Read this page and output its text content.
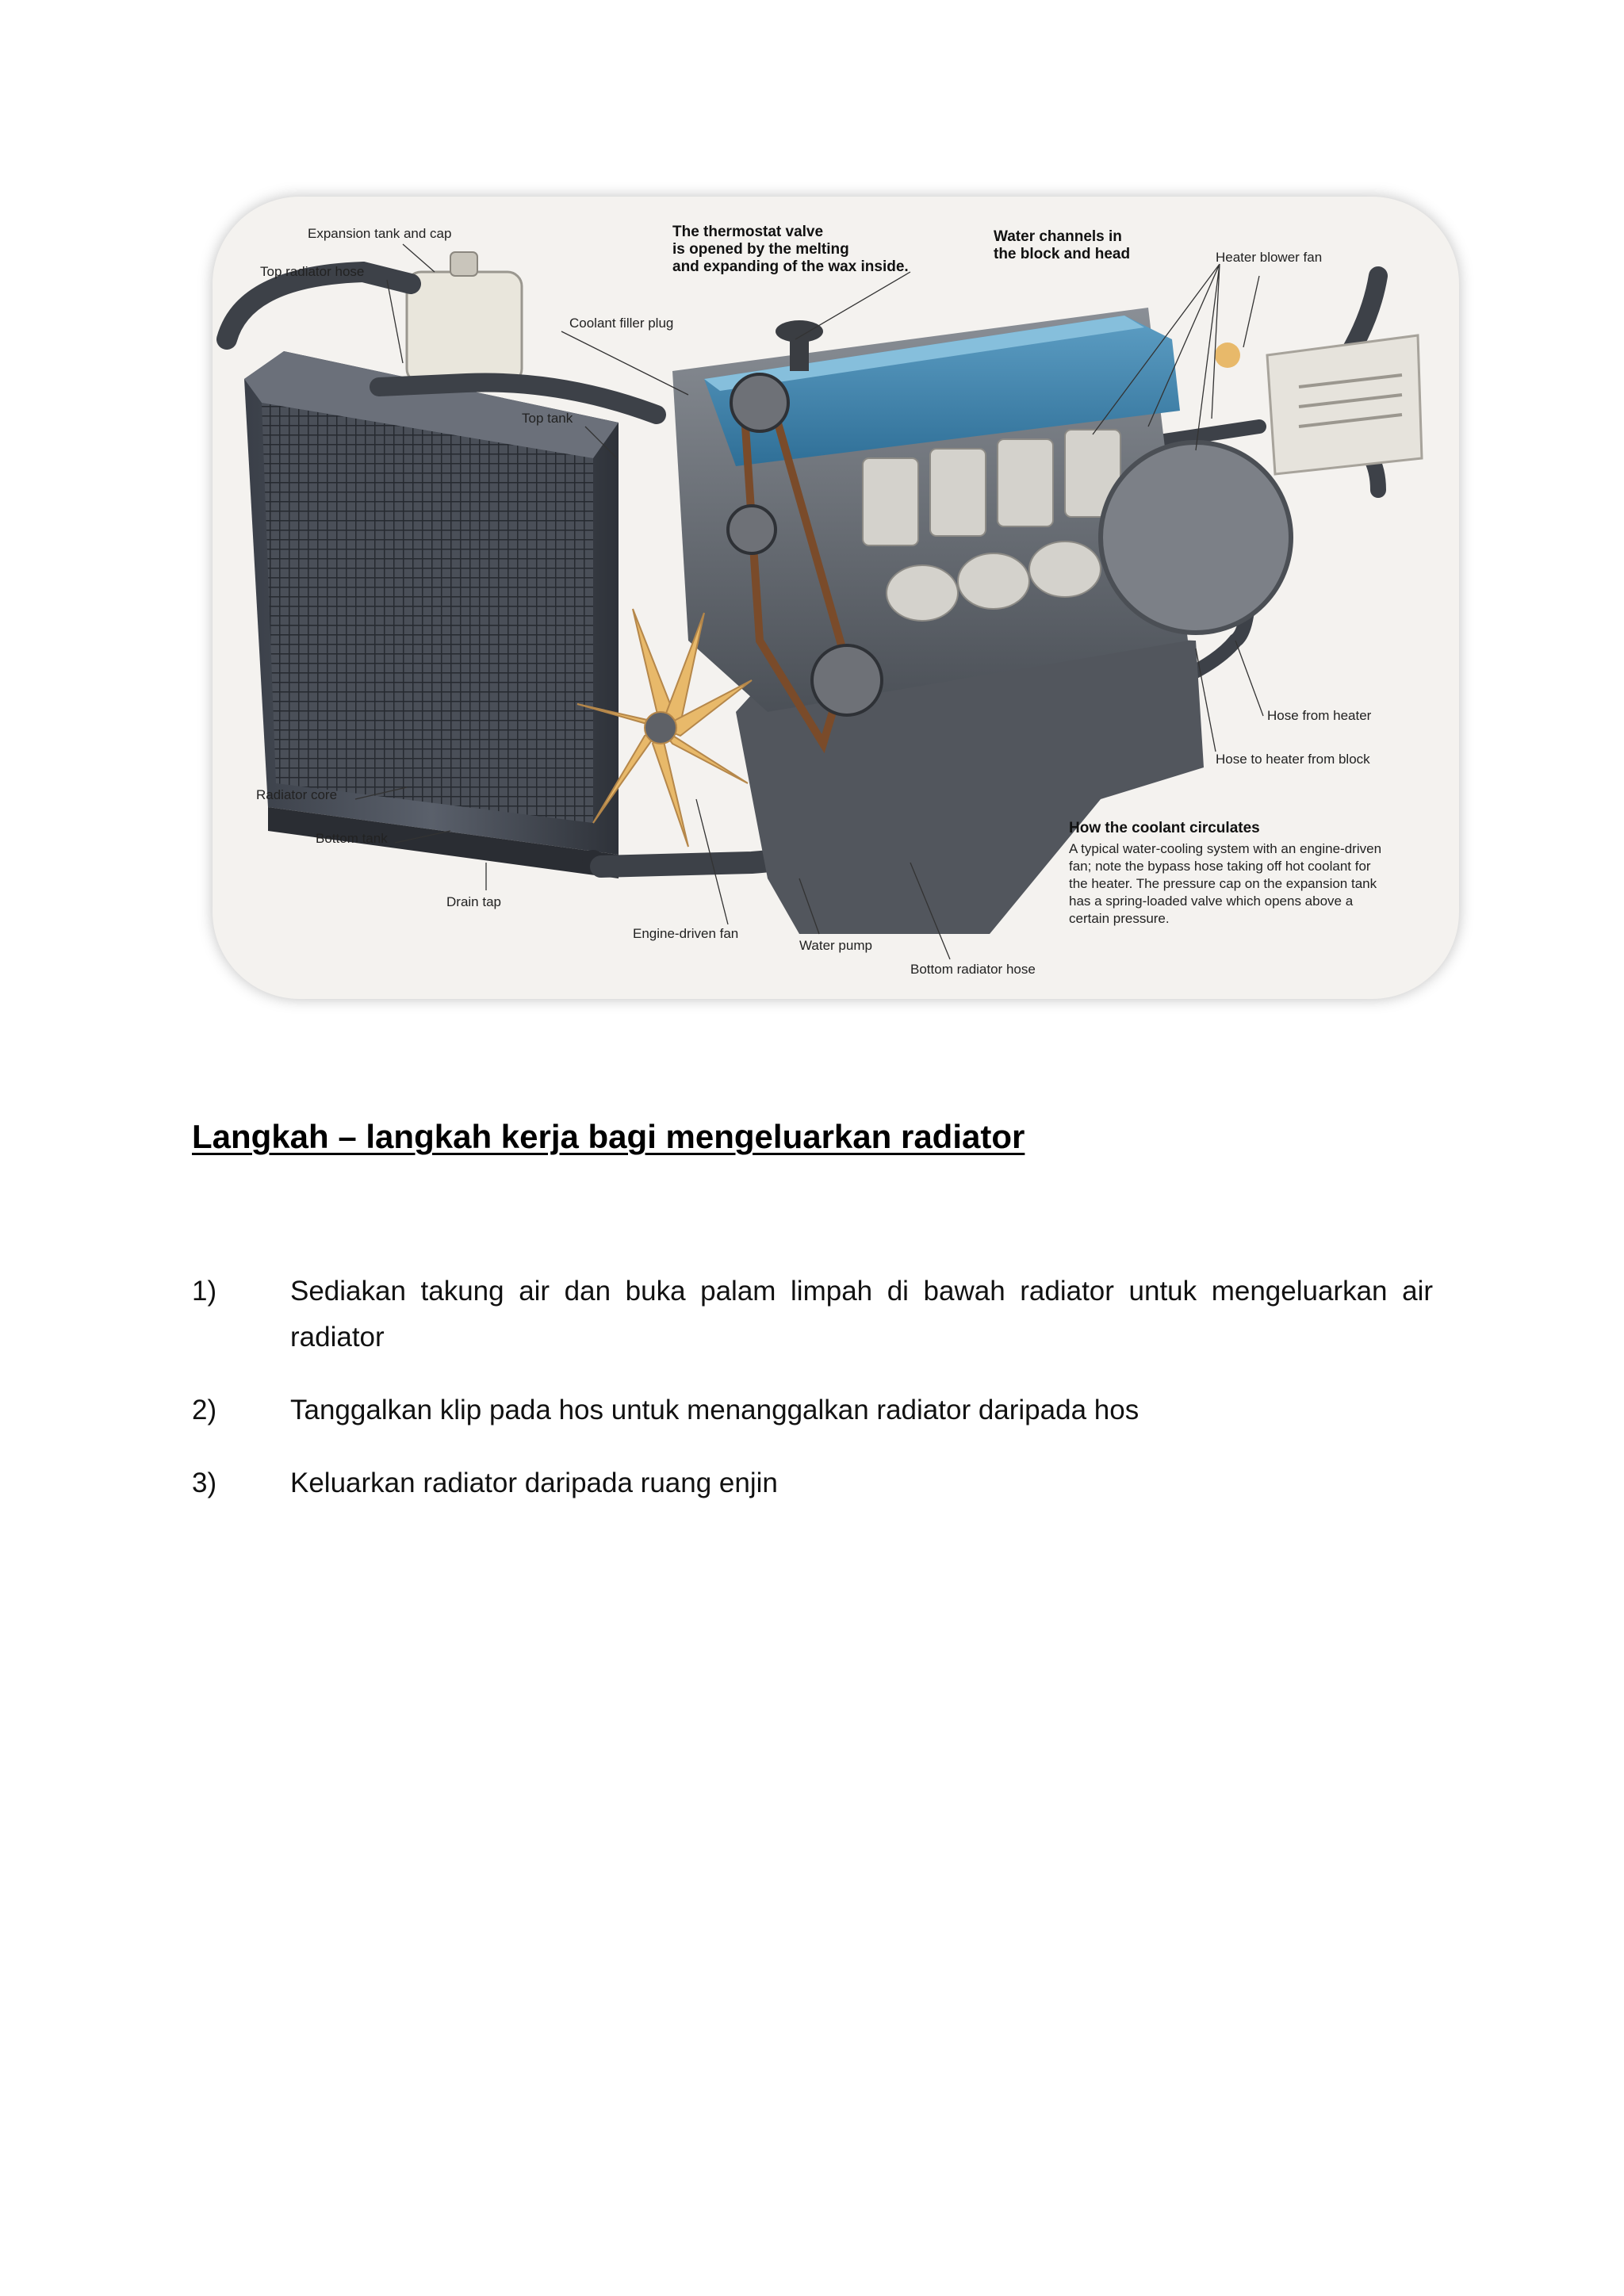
Expansion tank and cap
Top radiator hose
The thermostat valve
is opened by the melting
and expanding of the wax inside.
Water channels in
the block and head	Heater blower fan
Coolant filler plug
Top tank
Hose from heater
Hose to heater from block
Radiator core
Bottom tank
Drain tap
Engine-driven fan
Water pump
Bottom radiator hose
How the coolant circulates
A typical water-cooling system with an engine-driven
fan; note the bypass hose taking off hot coolant for
the heater. The pressure cap on the expansion tank
has a spring-loaded valve which opens above a
certain pressure.
Langkah – langkah kerja bagi mengeluarkan radiator
1)	Sediakan takung air dan buka palam limpah di bawah radiator untuk mengeluarkan air radiator
2)	Tanggalkan klip pada hos untuk menanggalkan radiator daripada hos
3)	Keluarkan radiator daripada ruang enjin
